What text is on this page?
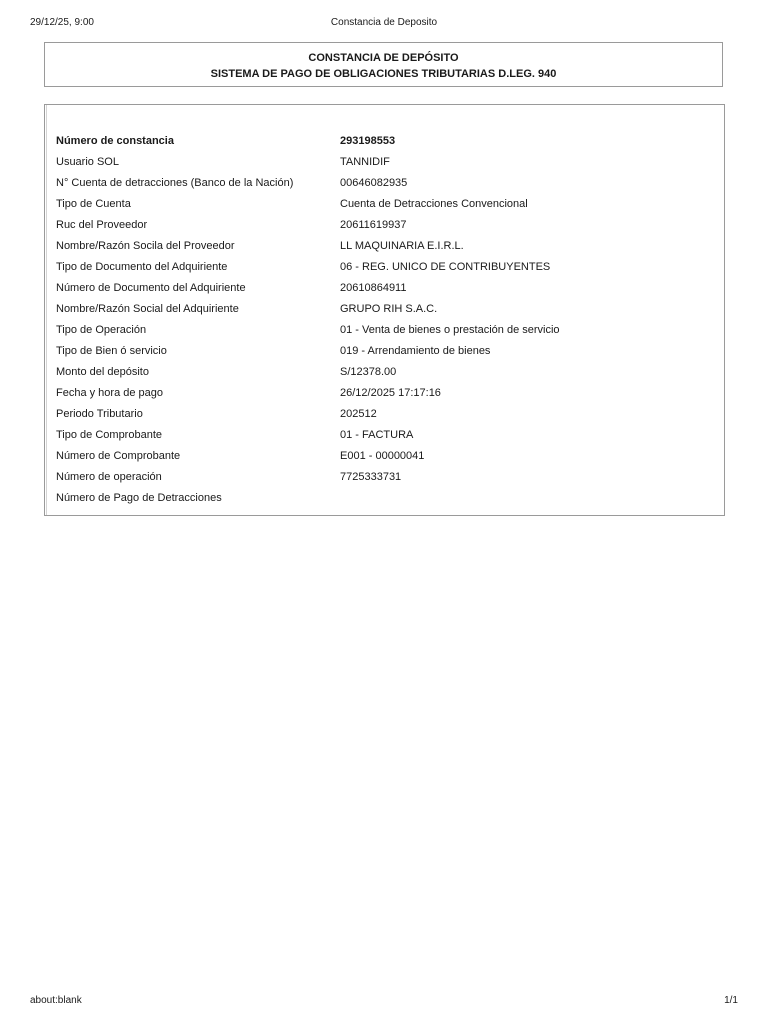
29/12/25, 9:00	Constancia de Deposito
CONSTANCIA DE DEPÓSITO
SISTEMA DE PAGO DE OBLIGACIONES TRIBUTARIAS D.LEG. 940
Número de constancia	293198553
Usuario SOL	TANNIDIF
N° Cuenta de detracciones (Banco de la Nación)	00646082935
Tipo de Cuenta	Cuenta de Detracciones Convencional
Ruc del Proveedor	20611619937
Nombre/Razón Socila del Proveedor	LL MAQUINARIA E.I.R.L.
Tipo de Documento del Adquiriente	06 - REG. UNICO DE CONTRIBUYENTES
Número de Documento del Adquiriente	20610864911
Nombre/Razón Social del Adquiriente	GRUPO RIH S.A.C.
Tipo de Operación	01 - Venta de bienes o prestación de servicio
Tipo de Bien ó servicio	019 - Arrendamiento de bienes
Monto del depósito	S/12378.00
Fecha y hora de pago	26/12/2025 17:17:16
Periodo Tributario	202512
Tipo de Comprobante	01 - FACTURA
Número de Comprobante	E001 - 00000041
Número de operación	7725333731
Número de Pago de Detracciones
about:blank	1/1
